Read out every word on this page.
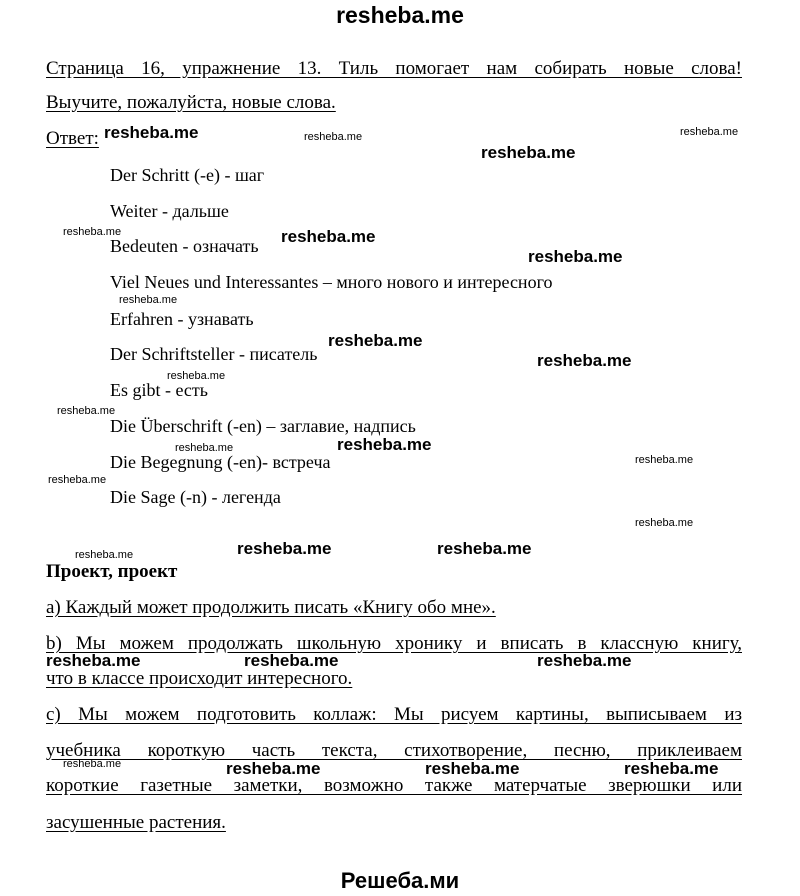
resheba.me
Страница 16, упражнение 13. Тиль помогает нам собирать новые слова!
Выучите, пожалуйста, новые слова.
Ответ:
Der Schritt (-e) - шаг
Weiter - дальше
Bedeuten - означать
Viel Neues und Interessantes – много нового и интересного
Erfahren - узнавать
Der Schriftsteller - писатель
Es gibt - есть
Die Überschrift (-en) – заглавие, надпись
Die Begegnung (-en)- встреча
Die Sage (-n) - легенда
Проект, проект
а) Каждый может продолжить писать «Книгу обо мне».
b) Мы можем продолжать школьную хронику и вписать в классную книгу,
что в классе происходит интересного.
с) Мы можем подготовить коллаж: Мы рисуем картины, выписываем из
учебника короткую часть текста, стихотворение, песню, приклеиваем
короткие газетные заметки, возможно также матерчатые зверюшки или
засушенные растения.
resheba.me	resheba.me	resheba.me
resheba.me
resheba.me	resheba.me
resheba.me
resheba.me
resheba.me
resheba.me
resheba.me
resheba.me
resheba.me	resheba.me
resheba.me
resheba.me
resheba.me
resheba.me	resheba.me	resheba.me
resheba.me	resheba.me	resheba.me
resheba.me	resheba.me	resheba.me	resheba.me
Решеба.ми
